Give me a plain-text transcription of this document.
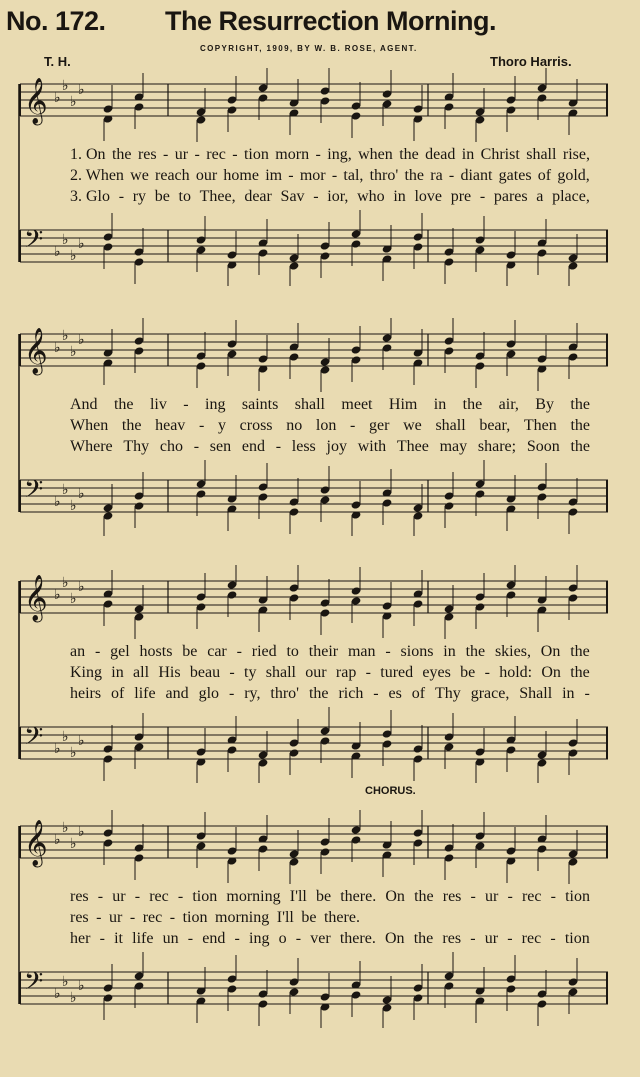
No. 172. The Resurrection Morning.
COPYRIGHT, 1909, BY W. B. ROSE, AGENT.
T. H.	Thoro Harris.
CHORUS.
𝄞 ♭
♭
♭
♭
𝄢 ♭
♭
♭
♭
1. On the res - ur - rec - tion morn - ing, when the dead in Christ shall rise,
2. When we reach our home im - mor - tal, thro' the ra - diant gates of gold,
3. Glo - ry be to Thee, dear Sav - ior, who in love pre - pares a place,
𝄞 ♭
♭
♭
♭
𝄢 ♭
♭
♭
♭
And the liv - ing saints shall meet Him in the air, By the
When the heav - y cross no lon - ger we shall bear, Then the
Where Thy cho - sen end - less joy with Thee may share; Soon the
𝄞 ♭
♭
♭
♭
𝄢 ♭
♭
♭
♭
an - gel hosts be car - ried to their man - sions in the skies, On the
King in all His beau - ty shall our rap - tured eyes be - hold: On the
heirs of life and glo - ry, thro' the rich - es of Thy grace, Shall in -
𝄞 ♭
♭
♭
♭
𝄢 ♭
♭
♭
♭
res - ur - rec - tion morning I'll be there. On the res - ur - rec - tion
res - ur - rec - tion morning I'll be there.
her - it life un - end - ing o - ver there. On the res - ur - rec - tion
